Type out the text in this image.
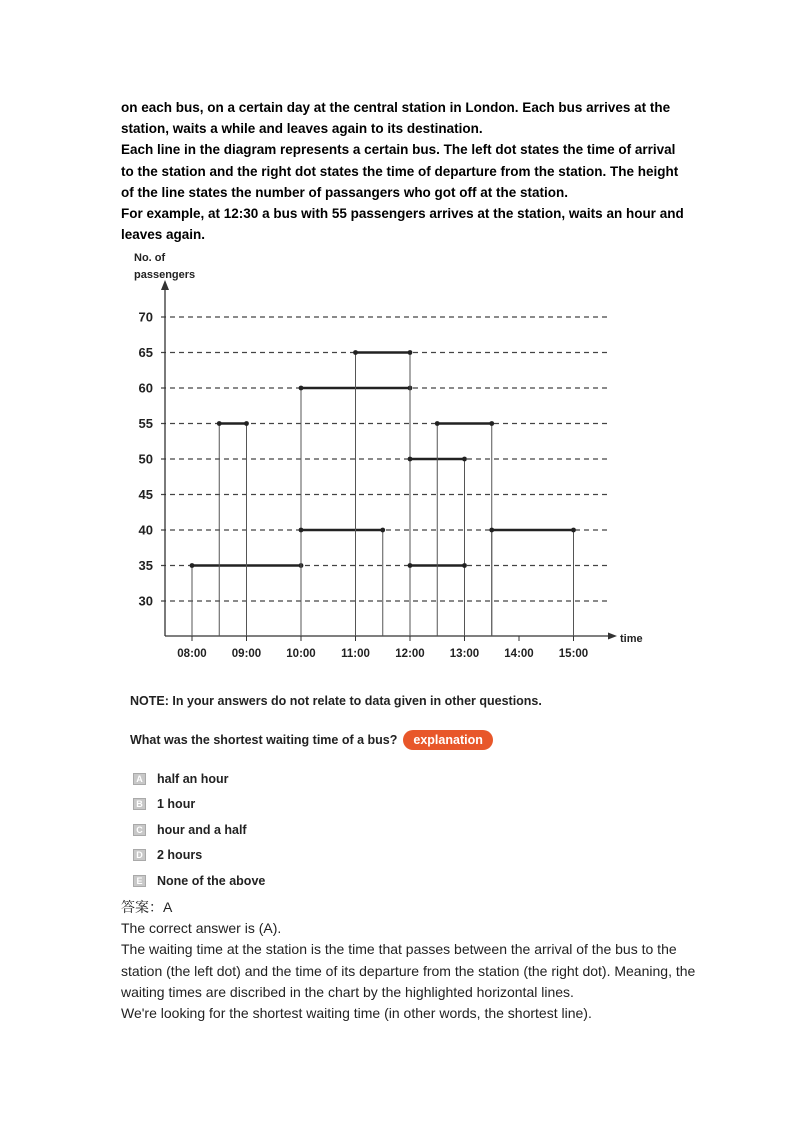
on each bus, on a certain day at the central station in London. Each bus arrives at the station, waits a while and leaves again to its destination.

Each line in the diagram represents a certain bus. The left dot states the time of arrival to the station and the right dot states the time of departure from the station. The height of the line states the number of passangers who got off at the station.

For example, at 12:30 a bus with 55 passengers arrives at the station, waits an hour and leaves again.

30
35
40
45
50
55
60
65
70
08:00 09:00 10:00 11:00 12:00 13:00 14:00 15:00
No. of
passengers
time
NOTE: In your answers do not relate to data given in other questions.
What was the shortest waiting time of a bus?	explanation
A half an hour
B 1 hour
C hour and a half
D 2 hours
E None of the above

答案：A

The correct answer is (A).

The waiting time at the station is the time that passes between the arrival of the bus to the station (the left dot) and the time of its departure from the station (the right dot). Meaning, the waiting times are discribed in the chart by the highlighted horizontal lines.

We're looking for the shortest waiting time (in other words, the shortest line).
